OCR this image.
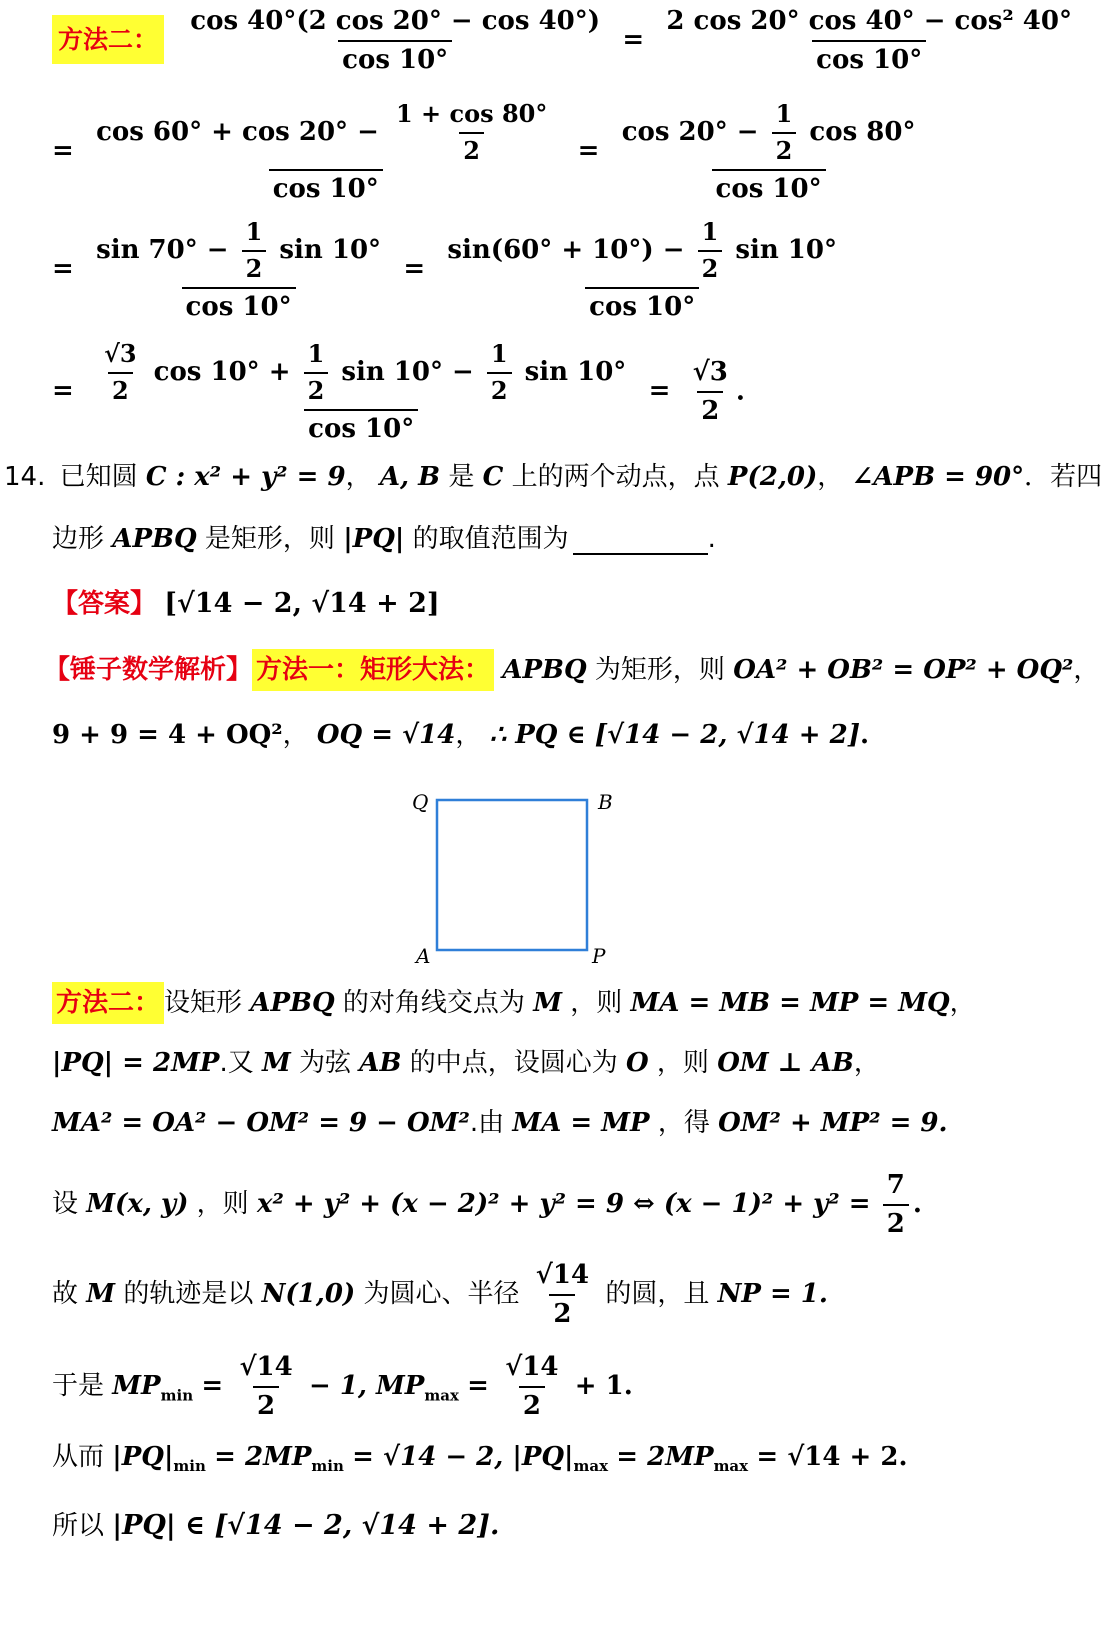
方法二： $\frac{\cos 40^\circ(2 \cos 20^\circ - \cos 40^\circ)}{\cos 10^\circ} = \frac{\text{2 cos 20° cos 40° − cos² 40°}}{\cos 10^\circ}$
=
$\cos 60^\circ + \cos 20^\circ - \frac{1 + \cos 80^\circ}{2}$
cos 10°
=
$\cos 20^\circ - \frac{1}{2}$ cos 80°
cos 10°
=
$\sin 70^\circ - \frac{1}{2}$ sin 10°
cos 10°
=
$\sin(60^\circ + 10^\circ) - \frac{1}{2}$ sin 10°
cos 10°
= $\frac{√3}{2}$ $\cos 10^\circ + \frac{1}{2}$ $\sin 10^\circ - \frac{1}{2}$ sin 10°
cos 10°
= $\frac{√3}{2}$ .
14. 已知圆 C : x² + y² = 9， A, B 是 C 上的两个动点，点 P(2,0)， ∠APB = 90°．若四
边形 APBQ 是矩形，则 |PQ| 的取值范围为	.
【答案】 [√14 − 2, √14 + 2]
【锤子数学解析】 方法一：矩形大法： APBQ 为矩形，则 OA² + OB² = OP² + OQ²，
9 + 9 = 4 + OQ²， OQ = √14， ∴ PQ ∈ [√14 − 2, √14 + 2].
Q	B
A	P
方法二： 设矩形 APBQ 的对角线交点为 M ，则 MA = MB = MP = MQ，
|PQ| = 2MP.又 M 为弦 AB 的中点，设圆心为 O ，则 OM ⊥ AB，
MA² = OA² − OM² = 9 − OM².由 MA = MP ，得 OM² + MP² = 9.
设 M(x, y) ，则 x² + y² + (x − 2)² + y² = 9 ⇔ $(x - 1)^2 + y^2 = \frac{7}{2}$ .
故 M 的轨迹是以 N(1,0) 为圆心、半径 $\frac{√14}{2}$ 的圆，且 NP = 1.
于是 $MP_{min} = \frac{√14}{2} - 1$, $MP_{max} = \frac{√14}{2} + 1$.
从而 $|PQ|_{min} = 2MP_{min} = √14 - 2$, $|PQ|_{max} = 2MP_{max} = √14 + 2$.
所以 |PQ| ∈ [√14 − 2, √14 + 2].
